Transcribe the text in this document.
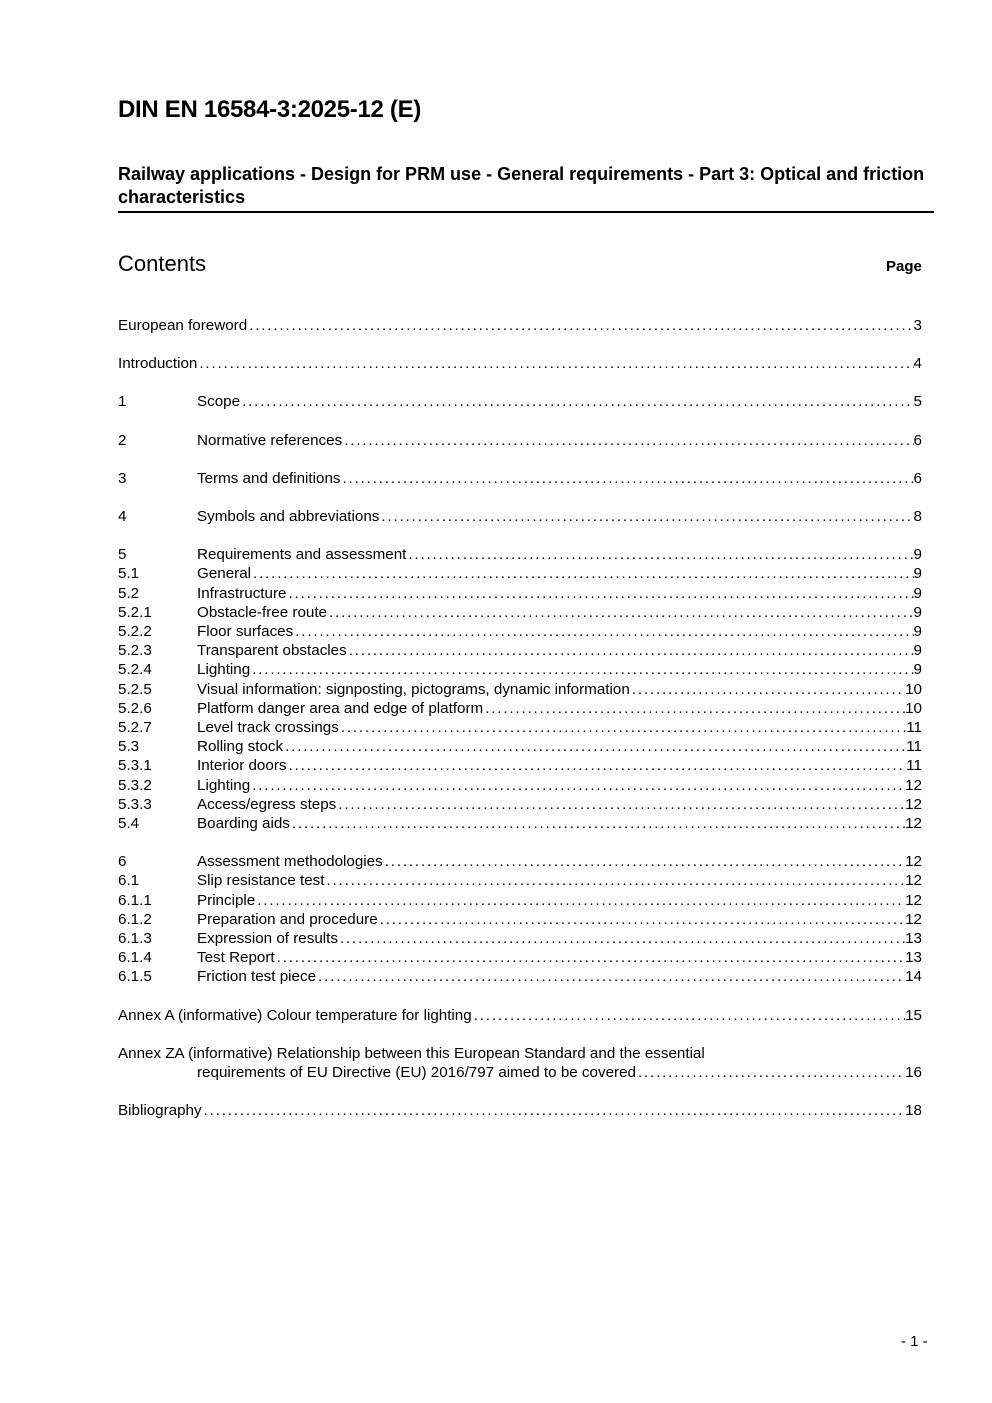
DIN EN 16584-3:2025-12 (E)
Railway applications - Design for PRM use - General requirements - Part 3: Optical and friction characteristics
Contents	Page
European foreword . . .	3
Introduction . . .	4
1	Scope . . .	5
2	Normative references . . .	6
3	Terms and definitions . . .	6
4	Symbols and abbreviations . . .	8
5	Requirements and assessment . . .	9
5.1	General . . .	9
5.2	Infrastructure . . .	9
5.2.1	Obstacle-free route . . .	9
5.2.2	Floor surfaces . . .	9
5.2.3	Transparent obstacles . . .	9
5.2.4	Lighting . . .	9
5.2.5	Visual information: signposting, pictograms, dynamic information . . .	10
5.2.6	Platform danger area and edge of platform . . .	10
5.2.7	Level track crossings . . .	11
5.3	Rolling stock . . .	11
5.3.1	Interior doors . . .	11
5.3.2	Lighting . . .	12
5.3.3	Access/egress steps . . .	12
5.4	Boarding aids . . .	12
6	Assessment methodologies . . .	12
6.1	Slip resistance test . . .	12
6.1.1	Principle . . .	12
6.1.2	Preparation and procedure . . .	12
6.1.3	Expression of results . . .	13
6.1.4	Test Report . . .	13
6.1.5	Friction test piece . . .	14
Annex A (informative) Colour temperature for lighting . . .	15
Annex ZA (informative) Relationship between this European Standard and the essential
requirements of EU Directive (EU) 2016/797 aimed to be covered . . .	16
Bibliography . . .	18
- 1 -
